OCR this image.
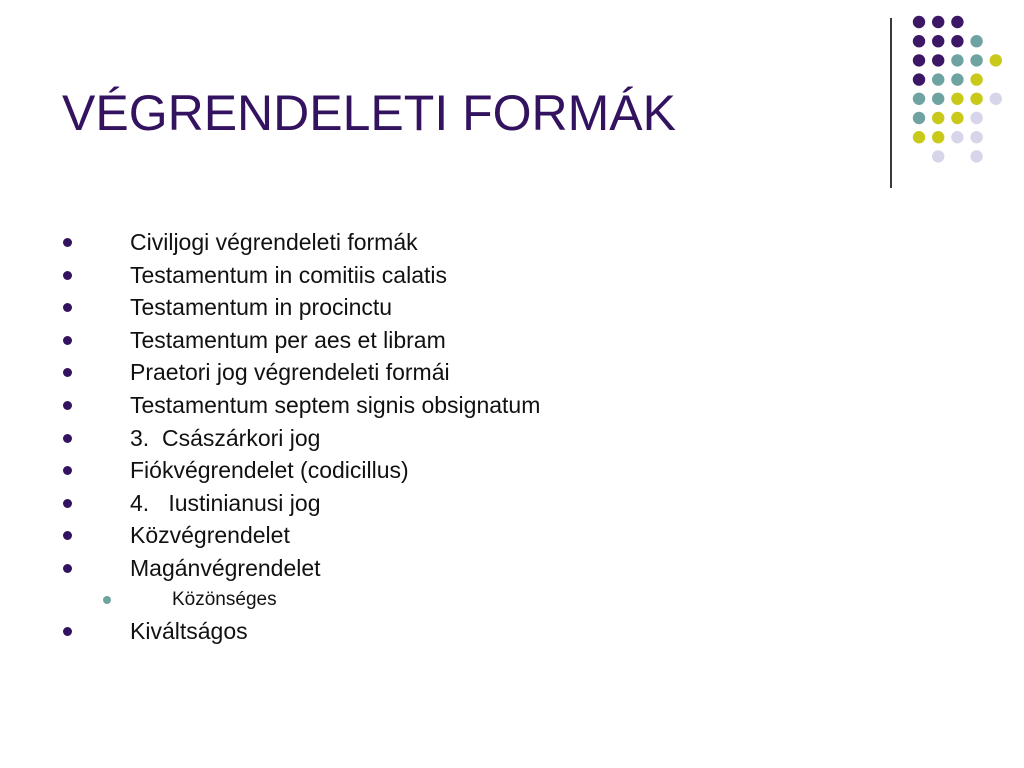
VÉGRENDELETI FORMÁK
Civiljogi végrendeleti formák
Testamentum in comitiis calatis
Testamentum in procinctu
Testamentum per aes et libram
Praetori jog végrendeleti formái
Testamentum septem signis obsignatum
3.  Császárkori jog
Fiókvégrendelet (codicillus)
4.   Iustinianusi jog
Közvégrendelet
Magánvégrendelet
Közönséges
Kiváltságos
